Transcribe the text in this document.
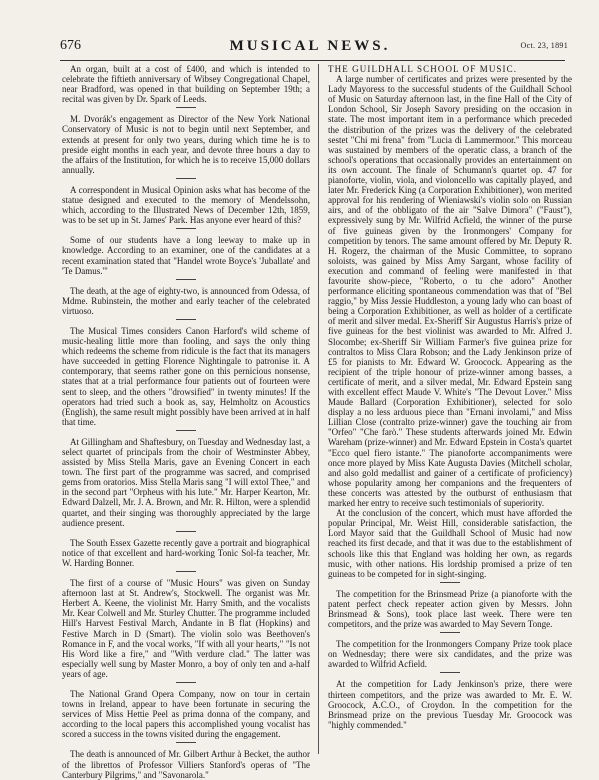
676	MUSICAL NEWS.	Oct. 23, 1891

An organ, built at a cost of £400, and which is intended to celebrate the fiftieth anniversary of Wibsey Congregational Chapel, near Bradford, was opened in that building on September 19th; a recital was given by Dr. Spark of Leeds.

M. Dvorák's engagement as Director of the New York National Conservatory of Music is not to begin until next September, and extends at present for only two years, during which time he is to preside eight months in each year, and devote three hours a day to the affairs of the Institution, for which he is to receive 15,000 dollars annually.

A correspondent in Musical Opinion asks what has become of the statue designed and executed to the memory of Mendelssohn, which, according to the Illustrated News of December 12th, 1859, was to be set up in St. James' Park. Has anyone ever heard of this?

Some of our students have a long leeway to make up in knowledge. According to an examiner, one of the candidates at a recent examination stated that "Handel wrote Boyce's 'Juballate' and 'Te Damus.'"

The death, at the age of eighty-two, is announced from Odessa, of Mdme. Rubinstein, the mother and early teacher of the celebrated virtuoso.

The Musical Times considers Canon Harford's wild scheme of music-healing little more than fooling, and says the only thing which redeems the scheme from ridicule is the fact that its managers have succeeded in getting Florence Nightingale to patronise it. A contemporary, that seems rather gone on this pernicious nonsense, states that at a trial performance four patients out of fourteen were sent to sleep, and the others "drowsified" in twenty minutes! If the operators had tried such a book as, say, Helmholtz on Acoustics (English), the same result might possibly have been arrived at in half that time.

At Gillingham and Shaftesbury, on Tuesday and Wednesday last, a select quartet of principals from the choir of Westminster Abbey, assisted by Miss Stella Maris, gave an Evening Concert in each town. The first part of the programme was sacred, and comprised gems from oratorios. Miss Stella Maris sang "I will extol Thee," and in the second part "Orpheus with his lute." Mr. Harper Kearton, Mr. Edward Dalzell, Mr. J. A. Brown, and Mr. R. Hilton, were a splendid quartet, and their singing was thoroughly appreciated by the large audience present.

The South Essex Gazette recently gave a portrait and biographical notice of that excellent and hard-working Tonic Sol-fa teacher, Mr. W. Harding Bonner.

The first of a course of "Music Hours" was given on Sunday afternoon last at St. Andrew's, Stockwell. The organist was Mr. Herbert A. Keene, the violinist Mr. Harry Smith, and the vocalists Mr. Kear Colwell and Mr. Sturley Chutter. The programme included Hill's Harvest Festival March, Andante in B flat (Hopkins) and Festive March in D (Smart). The violin solo was Beethoven's Romance in F, and the vocal works, "If with all your hearts," "Is not His Word like a fire," and "With verdure clad." The latter was especially well sung by Master Monro, a boy of only ten and a-half years of age.

The National Grand Opera Company, now on tour in certain towns in Ireland, appear to have been fortunate in securing the services of Miss Hettie Peel as prima donna of the company, and according to the local papers this accomplished young vocalist has scored a success in the towns visited during the engagement.

The death is announced of Mr. Gilbert Arthur à Becket, the author of the librettos of Professor Villiers Stanford's operas of "The Canterbury Pilgrims," and "Savonarola."

THE GUILDHALL SCHOOL OF MUSIC.

A large number of certificates and prizes were presented by the Lady Mayoress to the successful students of the Guildhall School of Music on Saturday afternoon last, in the fine Hall of the City of London School, Sir Joseph Savory presiding on the occasion in state. The most important item in a performance which preceded the distribution of the prizes was the delivery of the celebrated sestet "Chi mi frena" from "Lucia di Lammermoor." This morceau was sustained by members of the operatic class, a branch of the school's operations that occasionally provides an entertainment on its own account. The finale of Schumann's quartet op. 47 for pianoforte, violin, viola, and violoncello was capitally played, and later Mr. Frederick King (a Corporation Exhibitioner), won merited approval for his rendering of Wieniawski's violin solo on Russian airs, and of the obbligato of the air "Salve Dimora" ("Faust"), expressively sung by Mr. Wilfrid Acfield, the winner of the purse of five guineas given by the Ironmongers' Company for competition by tenors. The same amount offered by Mr. Deputy R. H. Rogerz, the chairman of the Music Committee, to soprano soloists, was gained by Miss Amy Sargant, whose facility of execution and command of feeling were manifested in that favourite show-piece, "Roberto, o tu che adoro" Another performance eliciting spontaneous commendation was that of "Bel raggio," by Miss Jessie Huddleston, a young lady who can boast of being a Corporation Exhibitioner, as well as holder of a certificate of merit and silver medal. Ex-Sheriff Sir Augustus Harris's prize of five guineas for the best violinist was awarded to Mr. Alfred J. Slocombe; ex-Sheriff Sir William Farmer's five guinea prize for contraltos to Miss Clara Robson; and the Lady Jenkinson prize of £5 for pianists to Mr. Edward W. Groocock. Appearing as the recipient of the triple honour of prize-winner among basses, a certificate of merit, and a silver medal, Mr. Edward Epstein sang with excellent effect Maude V. White's "The Devout Lover." Miss Maude Ballard (Corporation Exhibitioner), selected for solo display a no less arduous piece than "Ernani involami," and Miss Lillian Close (contralto prize-winner) gave the touching air from "Orfeo" "Che farò." These students afterwards joined Mr. Edwin Wareham (prize-winner) and Mr. Edward Epstein in Costa's quartet "Ecco quel fiero istante." The pianoforte accompaniments were once more played by Miss Kate Augusta Davies (Mitchell scholar, and also gold medallist and gainer of a certificate of proficiency) whose popularity among her companions and the frequenters of these concerts was attested by the outburst of enthusiasm that marked her entry to receive such testimonials of superiority.

At the conclusion of the concert, which must have afforded the popular Principal, Mr. Weist Hill, considerable satisfaction, the Lord Mayor said that the Guildhall School of Music had now reached its first decade, and that it was due to the establishment of schools like this that England was holding her own, as regards music, with other nations. His lordship promised a prize of ten guineas to be competed for in sight-singing.

The competition for the Brinsmead Prize (a pianoforte with the patent perfect check repeater action given by Messrs. John Brinsmead & Sons), took place last week. There were ten competitors, and the prize was awarded to May Severn Tonge.

The competition for the Ironmongers Company Prize took place on Wednesday; there were six candidates, and the prize was awarded to Wilfrid Acfield.

At the competition for Lady Jenkinson's prize, there were thirteen competitors, and the prize was awarded to Mr. E. W. Groocock, A.C.O., of Croydon. In the competition for the Brinsmead prize on the previous Tuesday Mr. Groocock was "highly commended."
